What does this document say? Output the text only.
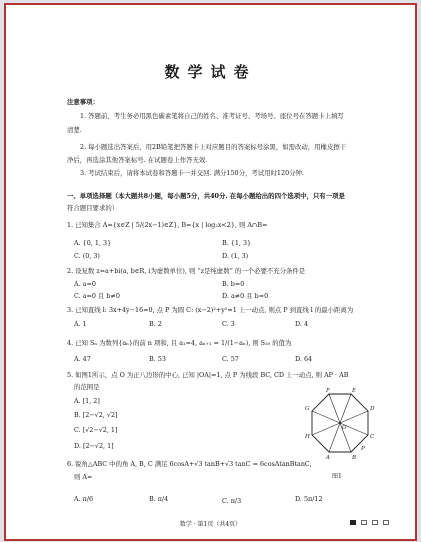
数学试卷
注意事项：
1. 答题前，考生务必用黑色碳素笔将自己的姓名、准考证号、考场号、座位号在答题卡上填写
清楚.
2. 每小题选出答案后，用2B铅笔把答题卡上对应题目的答案标号涂黑，如需改动，用橡皮擦干
净后，再选涂其他答案标号. 在试题卷上作答无效.
3. 考试结束后，请将本试卷和答题卡一并交回. 满分150分，考试用时120分钟.
一、单项选择题（本大题共8小题，每小题5分，共40分. 在每小题给出的四个选项中，只有一项是
符合题目要求的）
1. 已知集合 A={x∈Z | 5/(2x−1)∈Z}, B={x | log₂x<2}, 则 A∩B=
A. {0, 1, 3}	B. {1, 3}
C. (0, 3)	D. (1, 3)
2. 设复数 z=a+bi(a, b∈R, i为虚数单位), 则 “z是纯虚数” 的一个必要不充分条件是
A. a=0	B. b=0
C. a=0 且 b≠0	D. a≠0 且 b=0
3. 已知直线 l: 3x+4y−16=0, 点 P 为圆 C: (x−2)²+y²=1 上一动点, 则点 P 到直线 l 的最小距离为
A. 1	B. 2	C. 3	D. 4
4. 已知 Sₙ 为数列{aₙ}的前 n 项和, 且 a₁=4, aₙ₊₁ = 1/(1−aₙ), 则 S₂₀ 的值为
A. 47	B. 53	C. 57	D. 64
5. 如图1所示，点 O 为正八边形的中心, 已知 |OA|=1, 点 P 为线段 BC, CD 上一动点, 则 AP · AB
的范围是
A. [1, 2]
B. [2−√2, √2]
C. [√2−√2, 1]
D. [2−√2, 1]
F	E
D
C
B
A
H
G
O
P
图1
6. 锐角△ABC 中的角 A, B, C 满足 6cosA+√3 tanB+√3 tanC = 6cosAtanBtanC,
则 A=
A. π/6	B. π/4	C. π/3	D. 5π/12
数学 · 第1页（共4页）
